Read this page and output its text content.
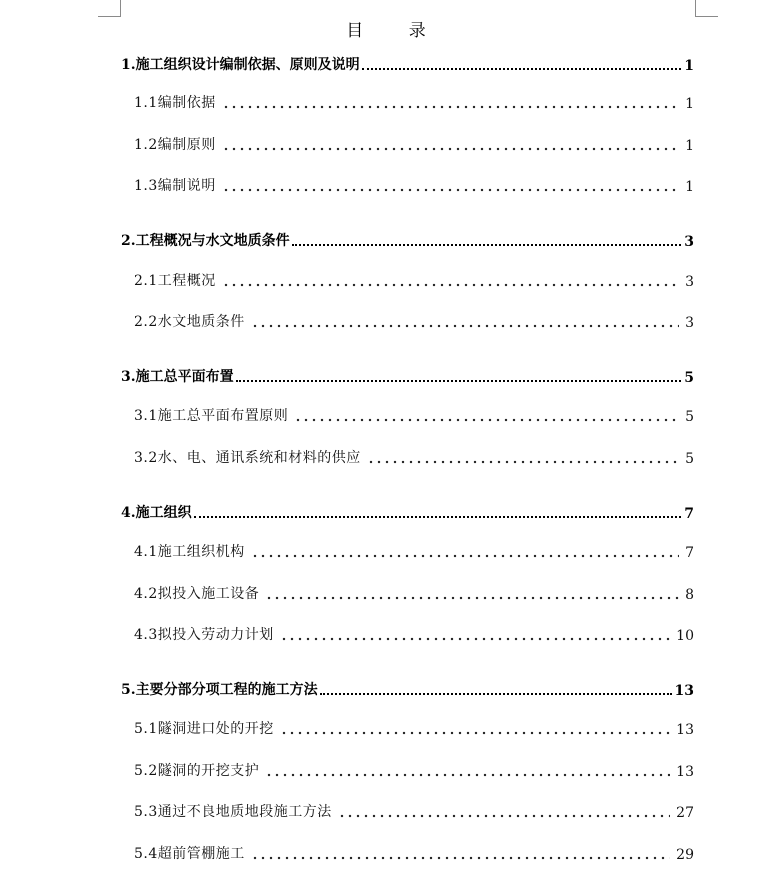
目 录
1.施工组织设计编制依据、原则及说明	1
1.1编制依据	1
1.2编制原则	1
1.3编制说明	1
2.工程概况与水文地质条件	3
2.1工程概况	3
2.2水文地质条件	3
3.施工总平面布置	5
3.1施工总平面布置原则	5
3.2水、电、通讯系统和材料的供应	5
4.施工组织	7
4.1施工组织机构	7
4.2拟投入施工设备	8
4.3拟投入劳动力计划	10
5.主要分部分项工程的施工方法	13
5.1隧洞进口处的开挖	13
5.2隧洞的开挖支护	13
5.3通过不良地质地段施工方法	27
5.4超前管棚施工	29
